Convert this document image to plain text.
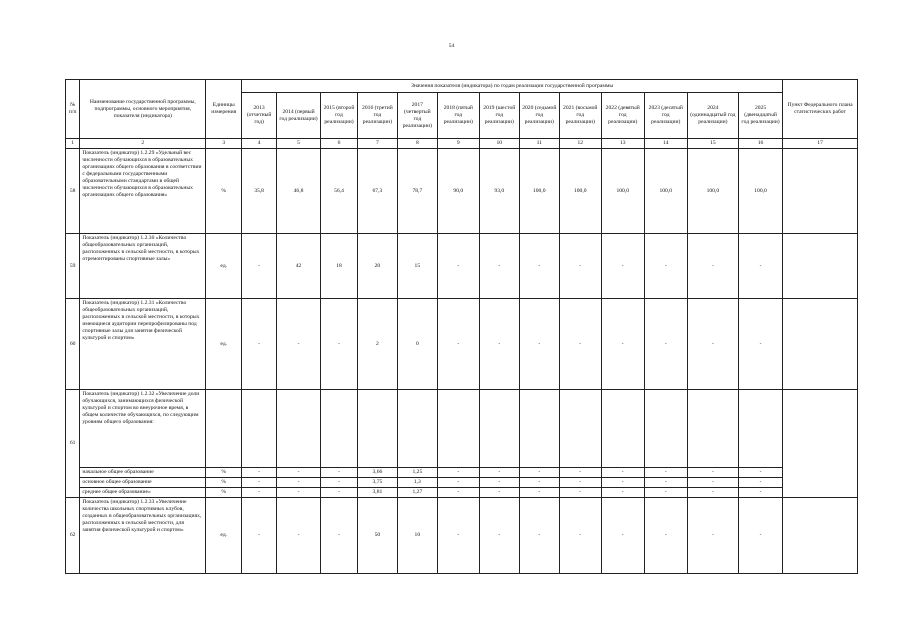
54
№ п/п	Наименование государственной программы, подпрограммы, основного мероприятия, показателя (индикатора)	Единицы измерения	Значения показателя (индикатора) по годам реализации государственной программы													Пункт Федерального плана статистических работ
			2013 (отчетный год)	2014 (первый год реализации)	2015 (второй год реализации)	2016 (третий год реализации)	2017 (четвертый год реализации)	2018 (пятый год реализации)	2019 (шестой год реализации)	2020 (седьмой год реализации)	2021 (восьмой год реализации)	2022 (девятый год реализации)	2023 (десятый год реализации)	2024 (одиннадцатый год реализации)	2025 (двенадцатый год реализации)	
1	2	3	4	5	6	7	8	9	10	11	12	13	14	15	16	17
58	Показатель (индикатор) 1.2.29 «Удельный вес численности обучающихся в образовательных организациях общего образования в соответствии с федеральными государственными образовательными стандартами в общей численности обучающихся в образовательных организациях общего образования»	%	35,8	46,8	56,4	67,3	78,7	90,0	93,0	100,0	100,0	100,0	100,0	100,0	100,0	
59	Показатель (индикатор) 1.2.30 «Количество общеобразовательных организаций, расположенных в сельской местности, в которых отремонтированы спортивные залы»	ед.	-	42	18	20	15	-	-	-	-	-	-	-	-	
60	Показатель (индикатор) 1.2.31 «Количество общеобразовательных организаций, расположенных в сельской местности, в которых имеющиеся аудитории перепрофилированы под спортивные залы для занятия физической культурой и спортом»	ед.	-	-	-	2	0	-	-	-	-	-	-	-	-	
61	Показатель (индикатор) 1.2.32 «Увеличение доли обучающихся, занимающихся физической культурой и спортом во внеурочное время, в общем количестве обучающихся, по следующим уровням общего образования:															
	начальное общее образование	%	-	-	-	3,66	1,25	-	-	-	-	-	-	-	-	
	основное общее образование	%	-	-	-	3,75	1,3	-	-	-	-	-	-	-	-	
	среднее общее образование»	%	-	-	-	3,81	1,27	-	-	-	-	-	-	-	-	
62	Показатель (индикатор) 1.2.33 «Увеличение количества школьных спортивных клубов, созданных в общеобразовательных организациях, расположенных в сельской местности, для занятия физической культурой и спортом»	ед.	-	-	-	50	10	-	-	-	-	-	-	-	-	
